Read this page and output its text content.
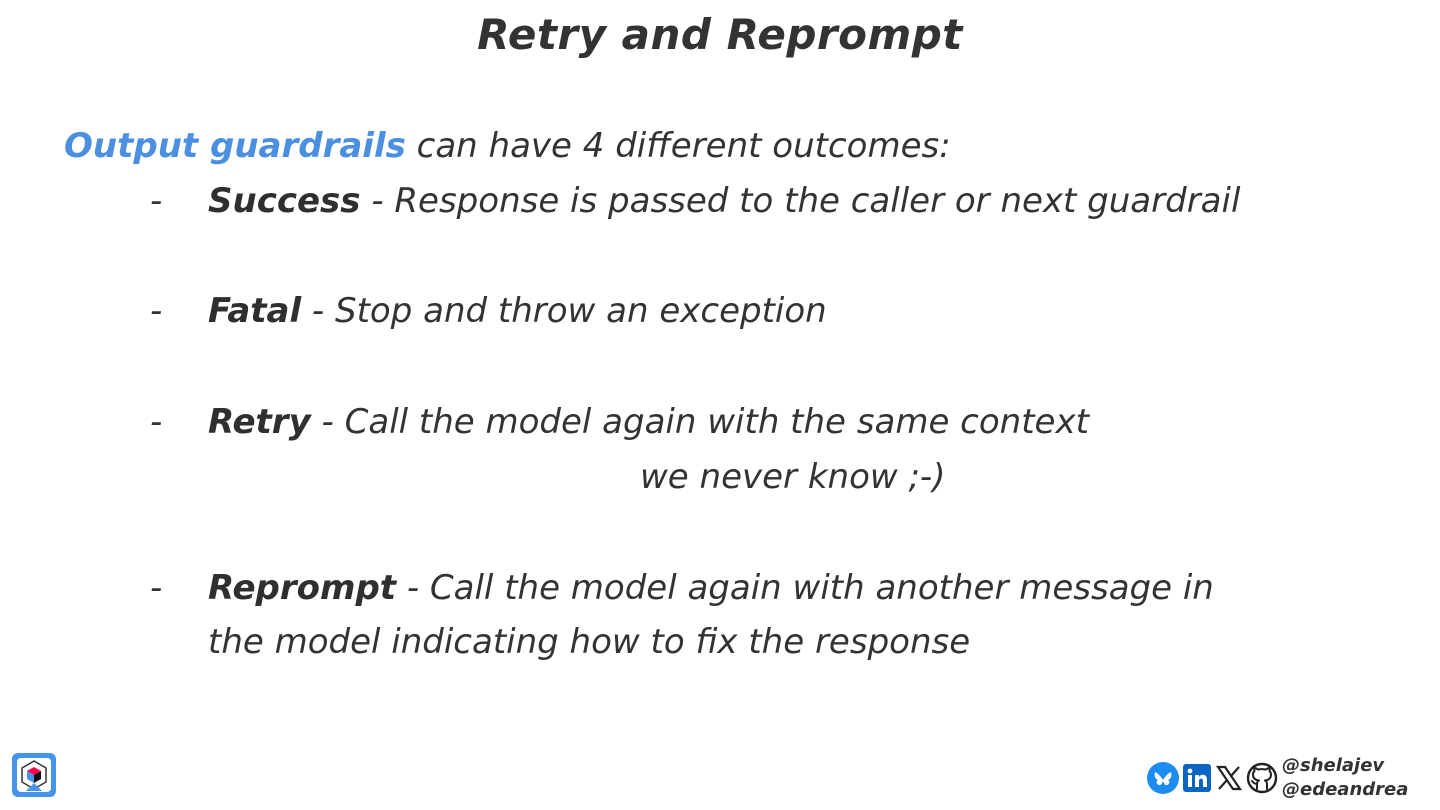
Retry and Reprompt
Output guardrails can have 4 different outcomes:
- Success - Response is passed to the caller or next guardrail
- Fatal - Stop and throw an exception
- Retry - Call the model again with the same context
we never know ;-)
- Reprompt - Call the model again with another message in
the model indicating how to fix the response
@shelajev
@edeandrea
